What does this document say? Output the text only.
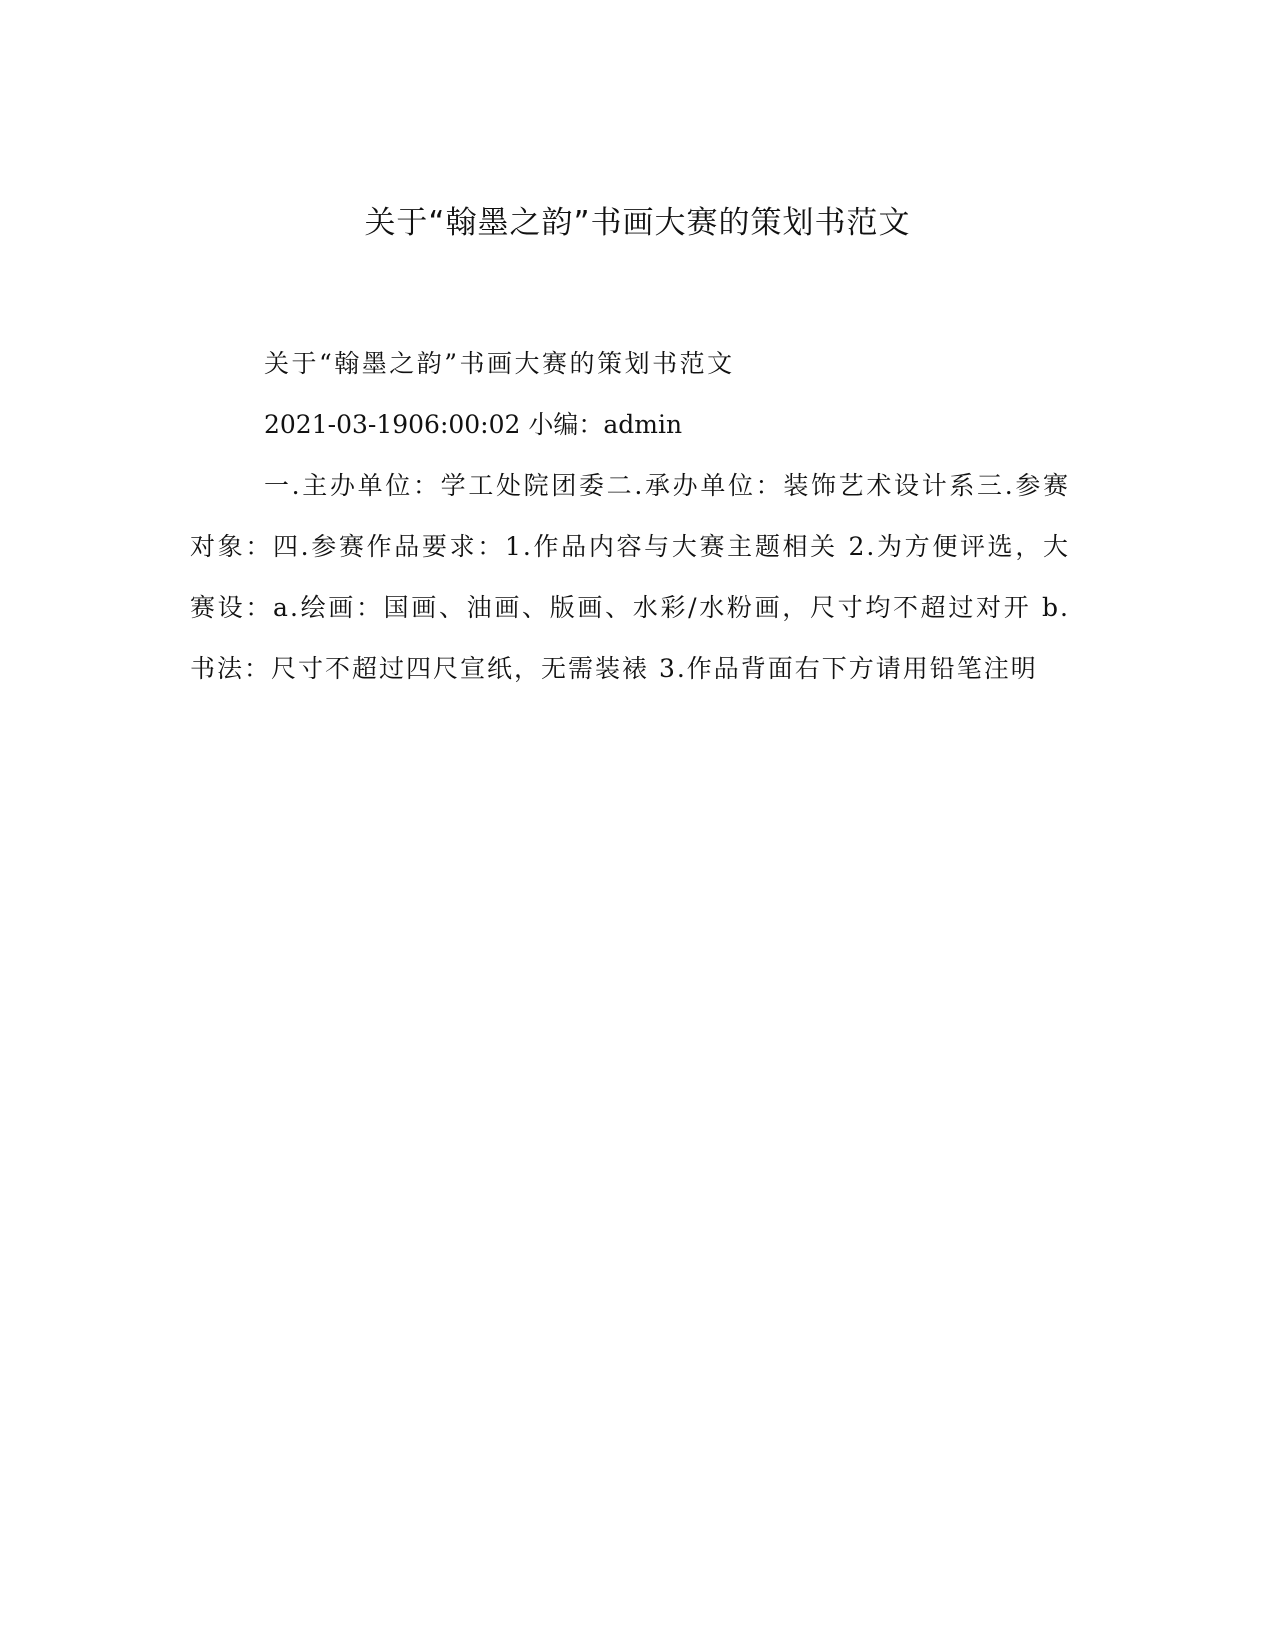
关于“翰墨之韵”书画大赛的策划书范文

关于“翰墨之韵”书画大赛的策划书范文

2021-03-1906:00:02 小编：admin

一.主办单位：学工处院团委二.承办单位：装饰艺术设计系三.参赛对象：四.参赛作品要求：1.作品内容与大赛主题相关 2.为方便评选，大赛设：a.绘画：国画、油画、版画、水彩/水粉画，尺寸均不超过对开 b.书法：尺寸不超过四尺宣纸，无需装裱 3.作品背面右下方请用铅笔注明
